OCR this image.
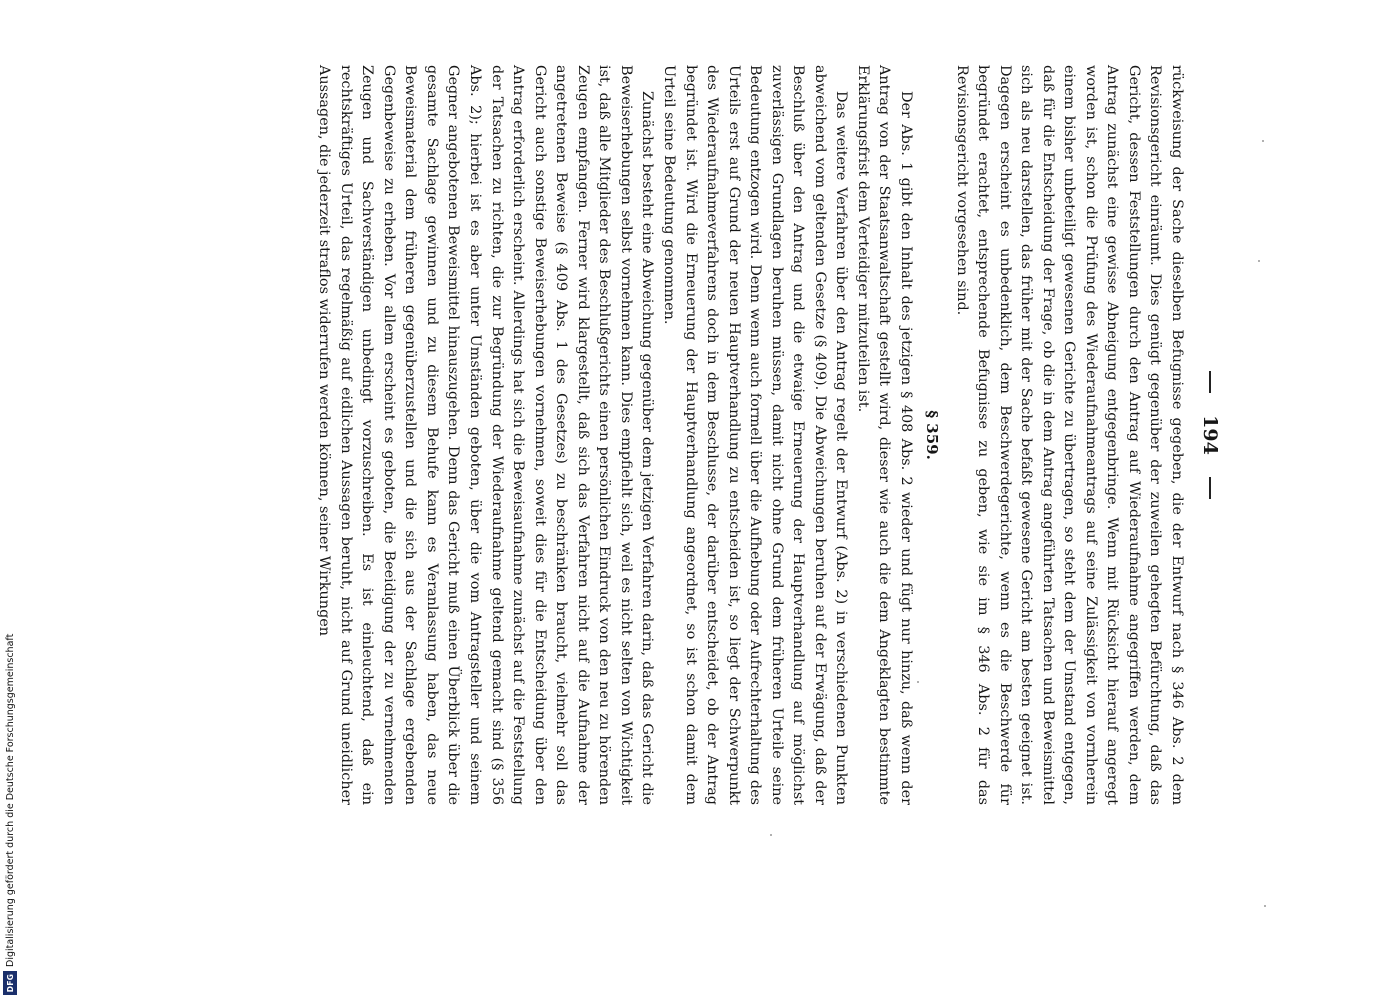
194

rückweisung der Sache dieselben Befugnisse gegeben, die der Entwurf nach § 346 Abs. 2 dem Revisionsgericht einräumt. Dies genügt gegenüber der zuweilen gehegten Befürchtung, daß das Gericht, dessen Feststellungen durch den Antrag auf Wiederaufnahme angegriffen werden, dem Antrag zunächst eine gewisse Abneigung entgegenbringe. Wenn mit Rücksicht hierauf angeregt worden ist, schon die Prüfung des Wiederaufnahmeantrags auf seine Zulässigkeit von vornherein einem bisher unbeteiligt gewesenen Gerichte zu übertragen, so steht dem der Umstand entgegen, daß für die Entscheidung der Frage, ob die in dem Antrag angeführten Tatsachen und Beweismittel sich als neu darstellen, das früher mit der Sache befaßt gewesene Gericht am besten geeignet ist. Dagegen erscheint es unbedenklich, dem Beschwerdegerichte, wenn es die Beschwerde für begründet erachtet, entsprechende Befugnisse zu geben, wie sie im § 346 Abs. 2 für das Revisionsgericht vorgesehen sind.

§ 359.

Der Abs. 1 gibt den Inhalt des jetzigen § 408 Abs. 2 wieder und fügt nur hinzu, daß wenn der Antrag von der Staatsanwaltschaft gestellt wird, dieser wie auch die dem Angeklagten bestimmte Erklärungsfrist dem Verteidiger mitzuteilen ist.

Das weitere Verfahren über den Antrag regelt der Entwurf (Abs. 2) in verschiedenen Punkten abweichend vom geltenden Gesetze (§ 409). Die Abweichungen beruhen auf der Erwägung, daß der Beschluß über den Antrag und die etwaige Erneuerung der Hauptverhandlung auf möglichst zuverlässigen Grundlagen beruhen müssen, damit nicht ohne Grund dem früheren Urteile seine Bedeutung entzogen wird. Denn wenn auch formell über die Aufhebung oder Aufrechterhaltung des Urteils erst auf Grund der neuen Hauptverhandlung zu entscheiden ist, so liegt der Schwerpunkt des Wiederaufnahmeverfahrens doch in dem Beschlusse, der darüber entscheidet, ob der Antrag begründet ist. Wird die Erneuerung der Hauptverhandlung angeordnet, so ist schon damit dem Urteil seine Bedeutung genommen.

Zunächst besteht eine Abweichung gegenüber dem jetzigen Verfahren darin, daß das Gericht die Beweiserhebungen selbst vornehmen kann. Dies empfiehlt sich, weil es nicht selten von Wichtigkeit ist, daß alle Mitglieder des Beschlußgerichts einen persönlichen Eindruck von den neu zu hörenden Zeugen empfangen. Ferner wird klargestellt, daß sich das Verfahren nicht auf die Aufnahme der angetretenen Beweise (§ 409 Abs. 1 des Gesetzes) zu beschränken braucht, vielmehr soll das Gericht auch sonstige Beweiserhebungen vornehmen, soweit dies für die Entscheidung über den Antrag erforderlich erscheint. Allerdings hat sich die Beweisaufnahme zunächst auf die Feststellung der Tatsachen zu richten, die zur Begründung der Wiederaufnahme geltend gemacht sind (§ 356 Abs. 2); hierbei ist es aber unter Umständen geboten, über die vom Antragsteller und seinem Gegner angebotenen Beweismittel hinauszugehen. Denn das Gericht muß einen Überblick über die gesamte Sachlage gewinnen und zu diesem Behufe kann es Veranlassung haben, das neue Beweismaterial dem früheren gegenüberzustellen und die sich aus der Sachlage ergebenden Gegenbeweise zu erheben. Vor allem erscheint es geboten, die Beeidigung der zu vernehmenden Zeugen und Sachverständigen unbedingt vorzuschreiben. Es ist einleuchtend, daß ein rechtskräftiges Urteil, das regelmäßig auf eidlichen Aussagen beruht, nicht auf Grund uneidlicher Aussagen, die jederzeit straflos widerrufen werden können, seiner Wirkungen

DFG
Digitalisierung gefördert durch die Deutsche Forschungsgemeinschaft
